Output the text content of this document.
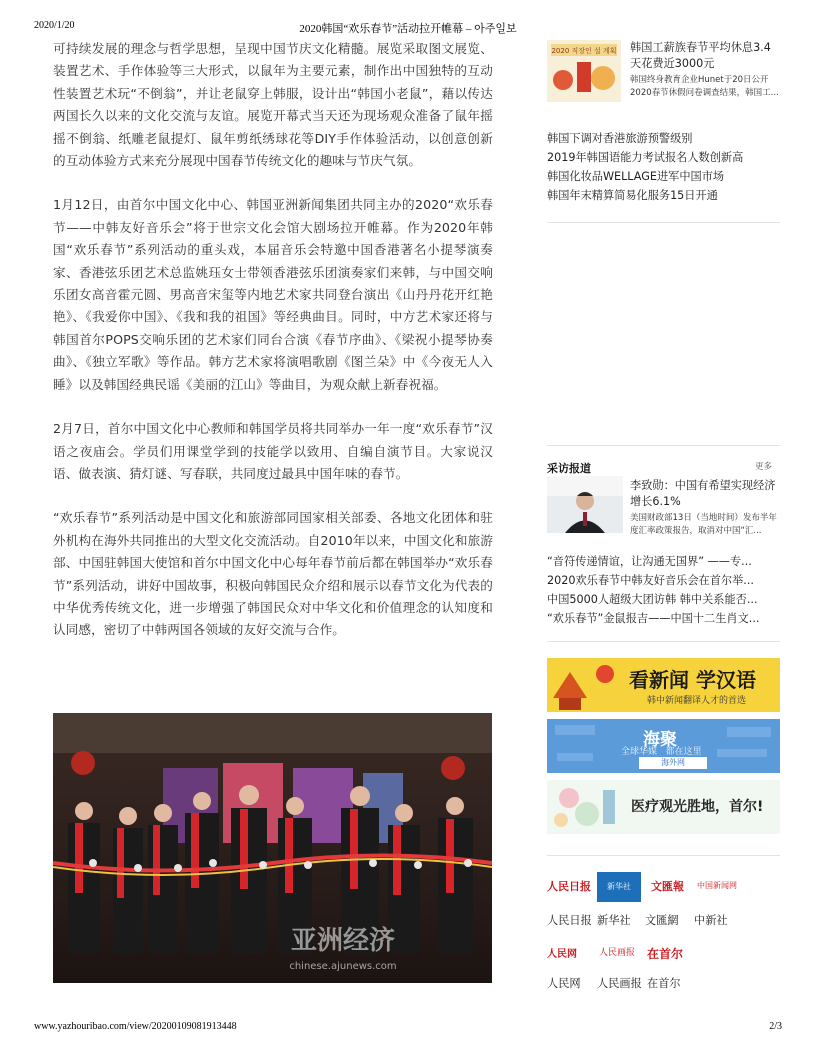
2020/1/20	2020韩国“欢乐春节”活动拉开帷幕 – 아주일보

可持续发展的理念与哲学思想，呈现中国节庆文化精髓。展览采取图文展览、装置艺术、手作体验等三大形式，以鼠年为主要元素，制作出中国独特的互动性装置艺术玩“不倒翁”，并让老鼠穿上韩服，设计出“韩国小老鼠”，藉以传达两国长久以来的文化交流与友谊。展览开幕式当天还为现场观众准备了鼠年摇摇不倒翁、纸雕老鼠提灯、鼠年剪纸绣球花等DIY手作体验活动，以创意创新的互动体验方式来充分展现中国春节传统文化的趣味与节庆气氛。

1月12日，由首尔中国文化中心、韩国亚洲新闻集团共同主办的2020“欢乐春节——中韩友好音乐会”将于世宗文化会馆大剧场拉开帷幕。作为2020年韩国“欢乐春节”系列活动的重头戏，本届音乐会特邀中国香港著名小提琴演奏家、香港弦乐团艺术总监姚珏女士带领香港弦乐团演奏家们来韩，与中国交响乐团女高音霍元圆、男高音宋玺等内地艺术家共同登台演出《山丹丹花开红艳艳》、《我爱你中国》、《我和我的祖国》等经典曲目。同时，中方艺术家还将与韩国首尔POPS交响乐团的艺术家们同台合演《春节序曲》、《梁祝小提琴协奏曲》、《独立军歌》等作品。韩方艺术家将演唱歌剧《图兰朵》中《今夜无人入睡》以及韩国经典民谣《美丽的江山》等曲目，为观众献上新春祝福。

2月7日，首尔中国文化中心教师和韩国学员将共同举办一年一度“欢乐春节”汉语之夜庙会。学员们用课堂学到的技能学以致用、自编自演节目。大家说汉语、做表演、猜灯谜、写春联，共同度过最具中国年味的春节。

“欢乐春节”系列活动是中国文化和旅游部同国家相关部委、各地文化团体和驻外机构在海外共同推出的大型文化交流活动。自2010年以来，中国文化和旅游部、中国驻韩国大使馆和首尔中国文化中心每年春节前后都在韩国举办“欢乐春节”系列活动，讲好中国故事，积极向韩国民众介绍和展示以春节文化为代表的中华优秀传统文化，进一步增强了韩国民众对中华文化和价值理念的认知度和认同感，密切了中韩两国各领域的友好交流与合作。

亚洲经济
chinese.ajunews.com
2020 직장인 설 계획 韩国工薪族春节平均休息3.4天花费近3000元
韩国终身教育企业Hunet于20日公开2020春节休假问卷调查结果，韩国工...
韩国下调对香港旅游预警级别
2019年韩国语能力考试报名人数创新高
韩国化妆品WELLAGE进军中国市场
韩国年末精算简易化服务15日开通
采访报道	更多
李致勋：中国有希望实现经济增长6.1%
美国财政部13日（当地时间）发布半年度汇率政策报告，取消对中国“汇...
“音符传递情谊，让沟通无国界” ——专...
2020欢乐春节中韩友好音乐会在首尔举...
中国5000人超级大团访韩 韩中关系能否...
“欢乐春节”金鼠报吉——中国十二生肖文...
看新闻 学汉语
韩中新闻翻译人才的首选
海聚
全球华媒 都在这里
海外网
医疗观光胜地，首尔!
人民日报	新华社	文匯報 中国新闻网
人民日报 新华社 文匯網 中新社
人民网 人民画报 在首尔
人民网 人民画报 在首尔
www.yazhouribao.com/view/20200109081913448	2/3
